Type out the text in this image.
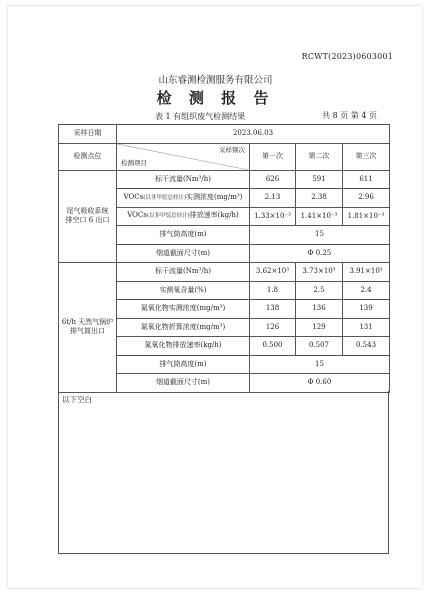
RCWT(2023)0603001
山东睿测检测服务有限公司
检 测 报 告
表 1 有组织废气检测结果	共 8 页 第 4 页
采样日期	2023.06.03			
检测点位	采样频次
检测项目	第一次	第二次	第三次
尾气吸收系统
排空口 6 出口	标干流量(Nm³/h)	626	591	611
	VOCs(以非甲烷总烃计)实测浓度(mg/m³)	2.13	2.38	2.96
	VOCs(以非甲烷总烃计)排放速率(kg/h)	1.33×10⁻³	1.41×10⁻³	1.81×10⁻³
	排气筒高度(m)	15		
	烟道截面尺寸(m)	Φ 0.25		
6t/h 天然气锅炉
排气筒出口	标干流量(Nm³/h)	3.62×10³	3.73×10³	3.91×10³
	实测氧含量(%)	1.8	2.5	2.4
	氮氧化物实测浓度(mg/m³)	138	136	139
	氮氧化物折算浓度(mg/m³)	126	129	131
	氮氧化物排放速率(kg/h)	0.500	0.507	0.543
	排气筒高度(m)	15		
	烟道截面尺寸(m)	Φ 0.60		
以下空白
